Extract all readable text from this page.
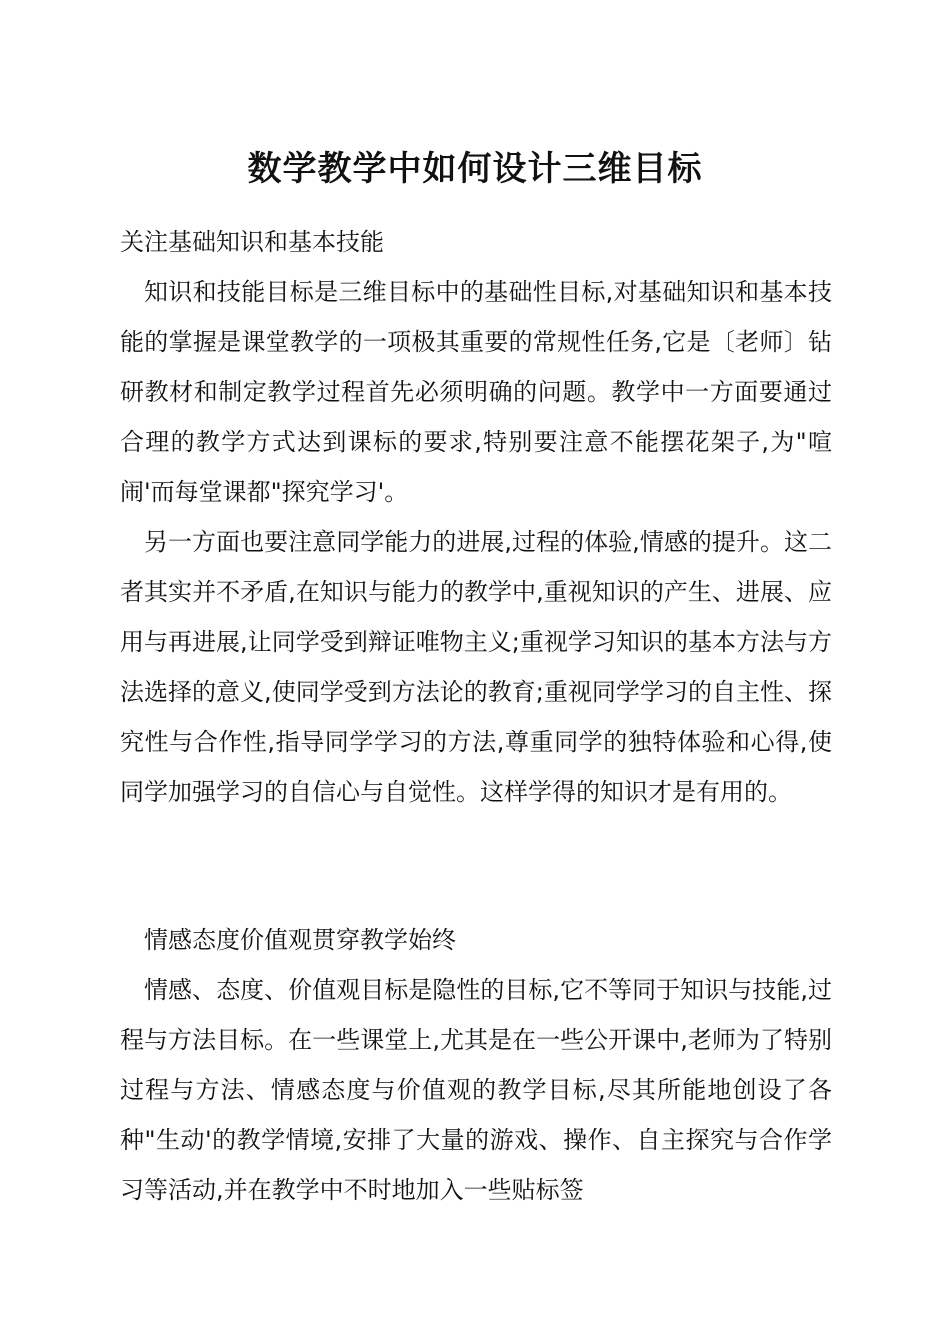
数学教学中如何设计三维目标

关注基础知识和基本技能

知识和技能目标是三维目标中的基础性目标,对基础知识和基本技能的掌握是课堂教学的一项极其重要的常规性任务,它是〔老师〕钻研教材和制定教学过程首先必须明确的问题。教学中一方面要通过合理的教学方式达到课标的要求,特别要注意不能摆花架子,为"喧闹'而每堂课都"探究学习'。

另一方面也要注意同学能力的进展,过程的体验,情感的提升。这二者其实并不矛盾,在知识与能力的教学中,重视知识的产生、进展、应用与再进展,让同学受到辩证唯物主义;重视学习知识的基本方法与方法选择的意义,使同学受到方法论的教育;重视同学学习的自主性、探究性与合作性,指导同学学习的方法,尊重同学的独特体验和心得,使同学加强学习的自信心与自觉性。这样学得的知识才是有用的。

情感态度价值观贯穿教学始终

情感、态度、价值观目标是隐性的目标,它不等同于知识与技能,过程与方法目标。在一些课堂上,尤其是在一些公开课中,老师为了特别过程与方法、情感态度与价值观的教学目标,尽其所能地创设了各种"生动'的教学情境,安排了大量的游戏、操作、自主探究与合作学习等活动,并在教学中不时地加入一些贴标签
